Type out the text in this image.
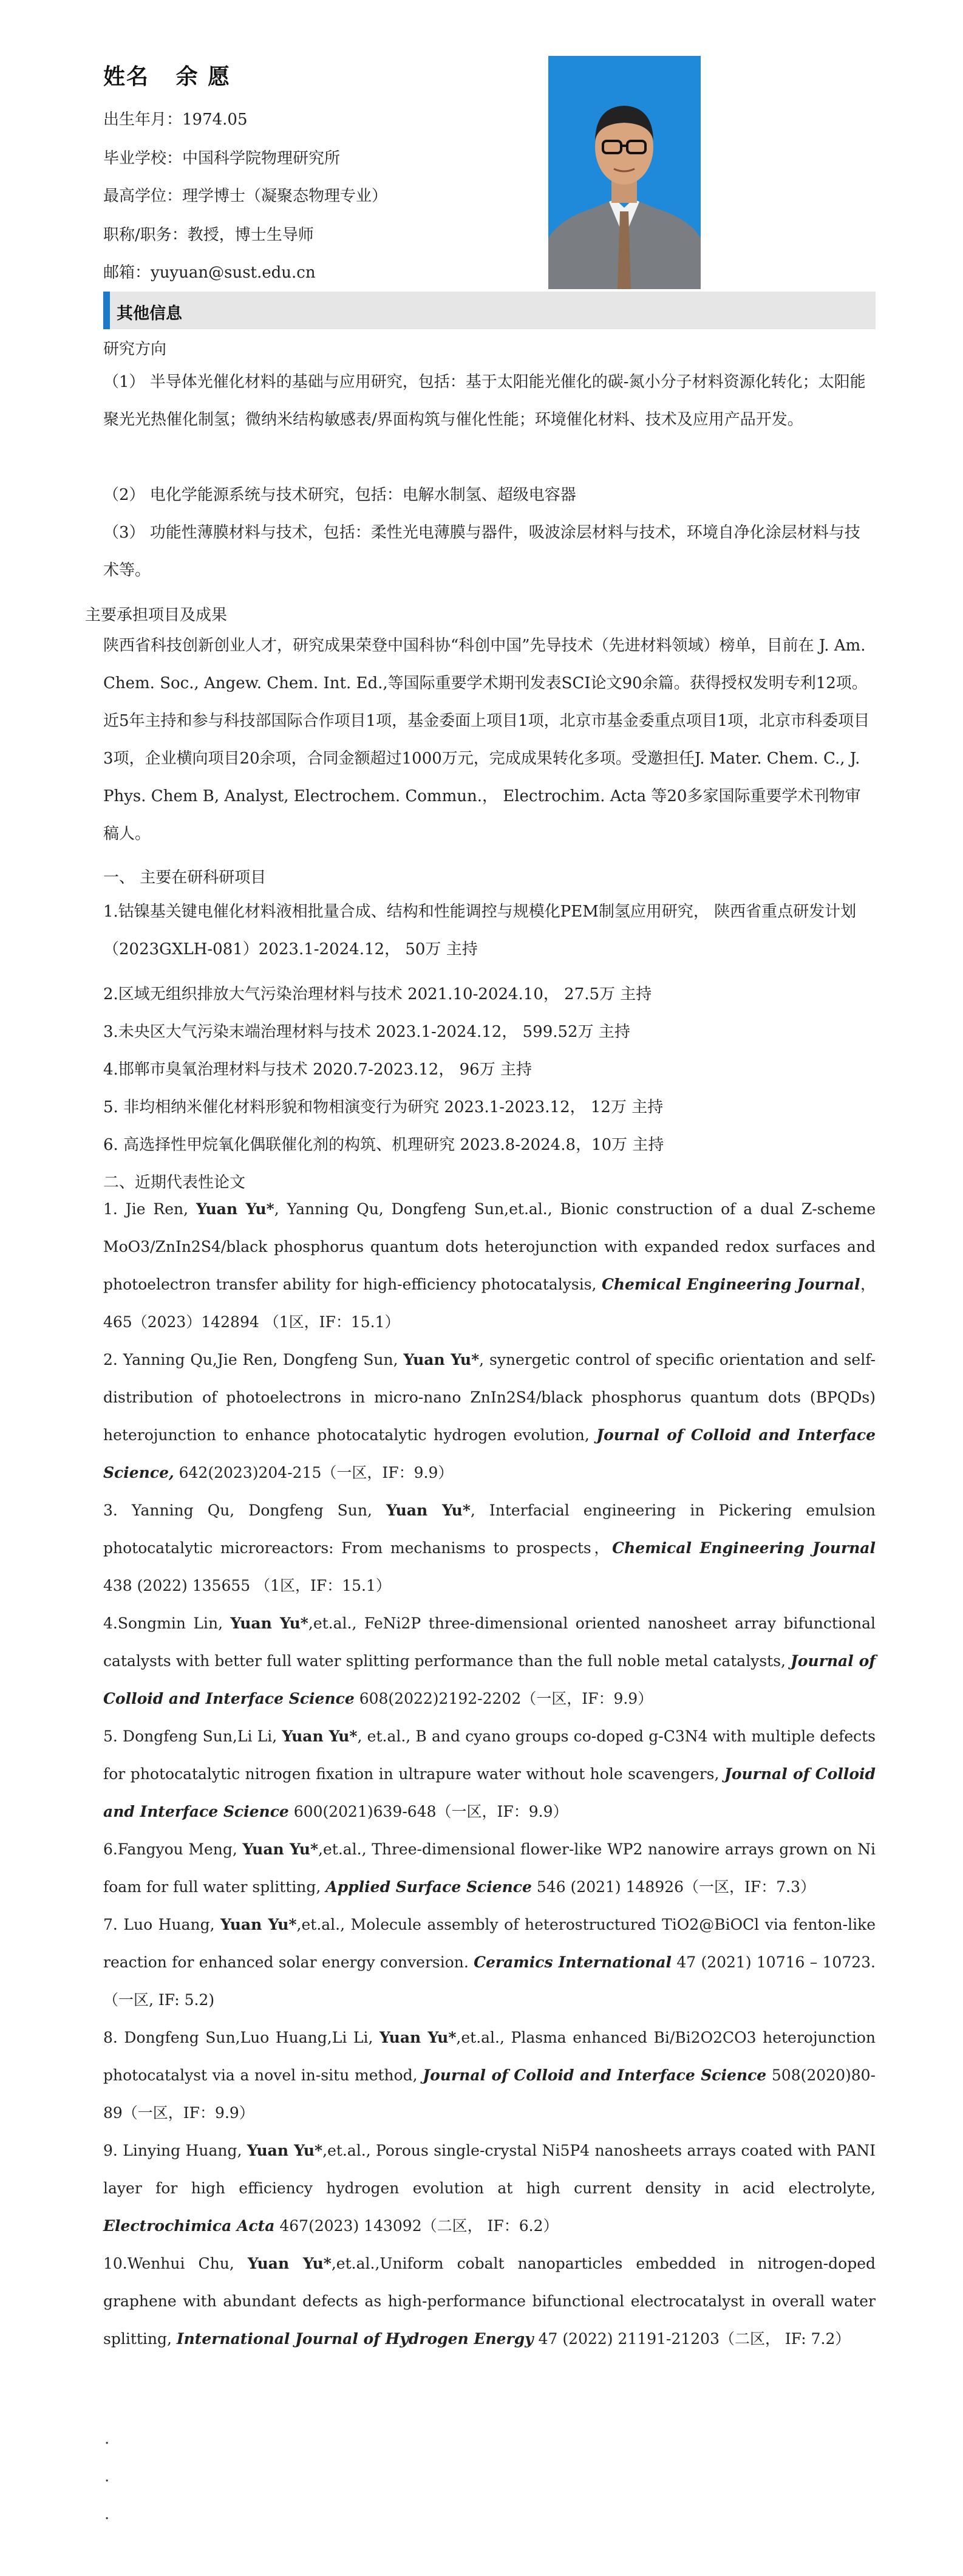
姓名 余 愿
出生年月：1974.05
毕业学校：中国科学院物理研究所
最高学位：理学博士（凝聚态物理专业）
职称/职务：教授，博士生导师
邮箱：yuyuan@sust.edu.cn
其他信息
研究方向

（1） 半导体光催化材料的基础与应用研究，包括：基于太阳能光催化的碳-氮小分子材料资源化转化；太阳能聚光光热催化制氢；微纳米结构敏感表/界面构筑与催化性能；环境催化材料、技术及应用产品开发。

（2） 电化学能源系统与技术研究，包括：电解水制氢、超级电容器

（3） 功能性薄膜材料与技术，包括：柔性光电薄膜与器件，吸波涂层材料与技术，环境自净化涂层材料与技术等。

主要承担项目及成果

陕西省科技创新创业人才，研究成果荣登中国科协“科创中国”先导技术（先进材料领域）榜单，目前在 J. Am. Chem. Soc., Angew. Chem. Int. Ed.,等国际重要学术期刊发表SCI论文90余篇。获得授权发明专利12项。近5年主持和参与科技部国际合作项目1项，基金委面上项目1项，北京市基金委重点项目1项，北京市科委项目3项，企业横向项目20余项，合同金额超过1000万元，完成成果转化多项。受邀担任J. Mater. Chem. C., J. Phys. Chem B, Analyst, Electrochem. Commun.， Electrochim. Acta 等20多家国际重要学术刊物审稿人。

一、 主要在研科研项目

1.钴镍基关键电催化材料液相批量合成、结构和性能调控与规模化PEM制氢应用研究， 陕西省重点研发计划（2023GXLH-081）2023.1-2024.12， 50万 主持

2.区域无组织排放大气污染治理材料与技术 2021.10-2024.10， 27.5万 主持
3.未央区大气污染末端治理材料与技术 2023.1-2024.12， 599.52万 主持
4.邯郸市臭氧治理材料与技术 2020.7-2023.12， 96万 主持
5. 非均相纳米催化材料形貌和物相演变行为研究 2023.1-2023.12， 12万 主持
6. 高选择性甲烷氧化偶联催化剂的构筑、机理研究 2023.8-2024.8，10万 主持
二、近期代表性论文
1. Jie Ren, Yuan Yu*, Yanning Qu, Dongfeng Sun,et.al., Bionic construction of a dual Z-scheme MoO3/ZnIn2S4/black phosphorus quantum dots heterojunction with expanded redox surfaces and photoelectron transfer ability for high-efficiency photocatalysis, Chemical Engineering Journal，465（2023）142894 （1区，IF：15.1）
2. Yanning Qu,Jie Ren, Dongfeng Sun, Yuan Yu*, synergetic control of specific orientation and self-distribution of photoelectrons in micro-nano ZnIn2S4/black phosphorus quantum dots (BPQDs) heterojunction to enhance photocatalytic hydrogen evolution, Journal of Colloid and Interface Science, 642(2023)204-215（一区，IF：9.9）
3. Yanning Qu, Dongfeng Sun, Yuan Yu*, Interfacial engineering in Pickering emulsion photocatalytic microreactors: From mechanisms to prospects，Chemical Engineering Journal 438 (2022) 135655 （1区，IF：15.1）
4.Songmin Lin, Yuan Yu*,et.al., FeNi2P three-dimensional oriented nanosheet array bifunctional catalysts with better full water splitting performance than the full noble metal catalysts, Journal of Colloid and Interface Science 608(2022)2192-2202（一区，IF：9.9）
5. Dongfeng Sun,Li Li, Yuan Yu*, et.al., B and cyano groups co-doped g-C3N4 with multiple defects for photocatalytic nitrogen fixation in ultrapure water without hole scavengers, Journal of Colloid and Interface Science 600(2021)639-648（一区，IF：9.9）
6.Fangyou Meng, Yuan Yu*,et.al., Three-dimensional flower-like WP2 nanowire arrays grown on Ni foam for full water splitting, Applied Surface Science 546 (2021) 148926（一区，IF：7.3）
7. Luo Huang, Yuan Yu*,et.al., Molecule assembly of heterostructured TiO2@BiOCl via fenton-like reaction for enhanced solar energy conversion. Ceramics International 47 (2021) 10716 – 10723.（一区, IF: 5.2)
8. Dongfeng Sun,Luo Huang,Li Li, Yuan Yu*,et.al., Plasma enhanced Bi/Bi2O2CO3 heterojunction photocatalyst via a novel in-situ method, Journal of Colloid and Interface Science 508(2020)80-89（一区，IF：9.9）
9. Linying Huang, Yuan Yu*,et.al., Porous single-crystal Ni5P4 nanosheets arrays coated with PANI layer for high efficiency hydrogen evolution at high current density in acid electrolyte, Electrochimica Acta 467(2023) 143092（二区， IF：6.2）
10.Wenhui Chu, Yuan Yu*,et.al.,Uniform cobalt nanoparticles embedded in nitrogen-doped graphene with abundant defects as high-performance bifunctional electrocatalyst in overall water splitting, International Journal of Hydrogen Energy 47 (2022) 21191-21203（二区， IF: 7.2）
.
.
.
